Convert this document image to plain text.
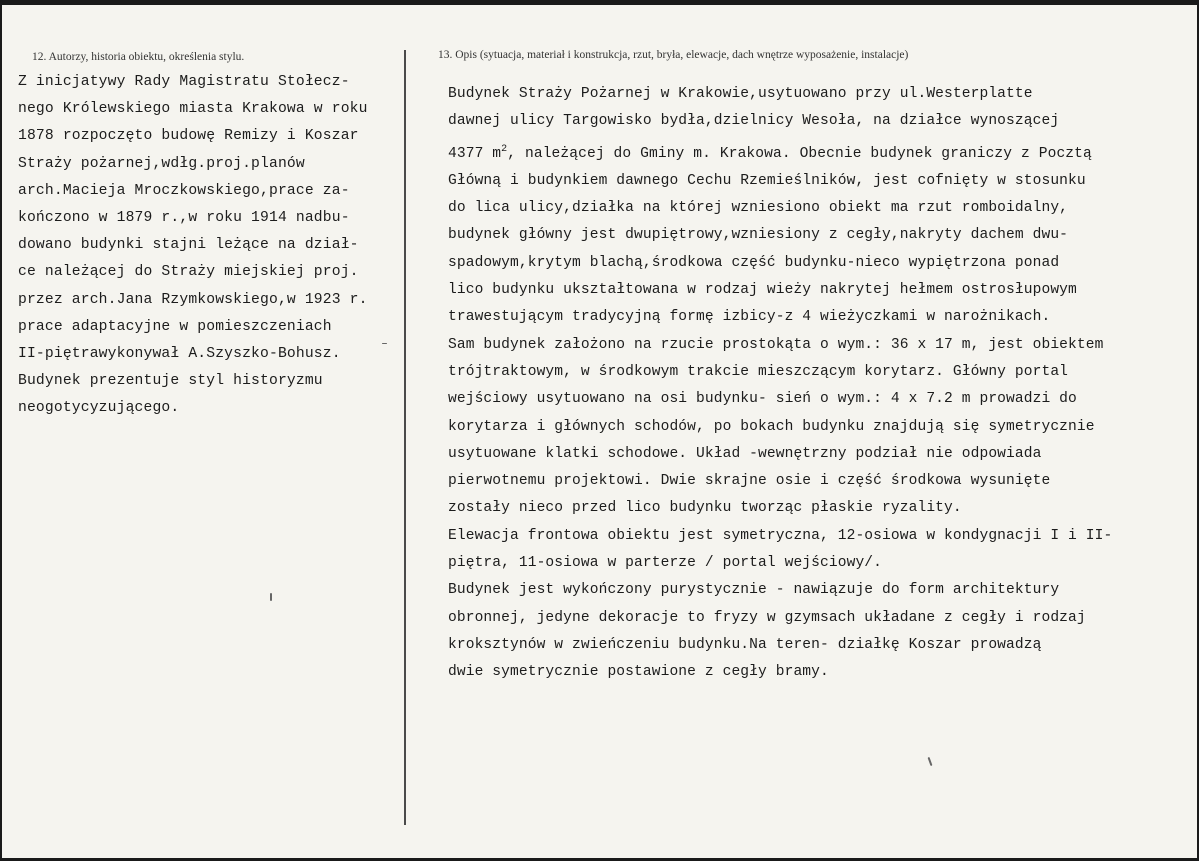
12. Autorzy, historia obiektu, określenia stylu.	13. Opis (sytuacja, materiał i konstrukcja, rzut, bryła, elewacje, dach wnętrze wyposażenie, instalacje)
Z inicjatywy Rady Magistratu Stołecz-
nego Królewskiego miasta Krakowa w roku
1878 rozpoczęto budowę Remizy i Koszar
Straży pożarnej,wdłg.proj.planów
arch.Macieja Mroczkowskiego,prace za-
kończono w 1879 r.,w roku 1914 nadbu-
dowano budynki stajni leżące na dział-
ce należącej do Straży miejskiej proj.
przez arch.Jana Rzymkowskiego,w 1923 r.
prace adaptacyjne w pomieszczeniach
II-piętrawykonywał A.Szyszko-Bohusz.
Budynek prezentuje styl historyzmu
neogotycyzującego.
Budynek Straży Pożarnej w Krakowie,usytuowano przy ul.Westerplatte
dawnej ulicy Targowisko bydła,dzielnicy Wesoła, na działce wynoszącej
4377 $m^2$, należącej do Gminy m. Krakowa. Obecnie budynek graniczy z Pocztą
Główną i budynkiem dawnego Cechu Rzemieślników, jest cofnięty w stosunku
do lica ulicy,działka na której wzniesiono obiekt ma rzut romboidalny,
budynek główny jest dwupiętrowy,wzniesiony z cegły,nakryty dachem dwu-
spadowym,krytym blachą,środkowa część budynku-nieco wypiętrzona ponad
lico budynku ukształtowana w rodzaj wieży nakrytej hełmem ostrosłupowym
trawestującym tradycyjną formę izbicy-z 4 wieżyczkami w narożnikach.
Sam budynek założono na rzucie prostokąta o wym.: 36 x 17 m, jest obiektem
trójtraktowym, w środkowym trakcie mieszczącym korytarz. Główny portal
wejściowy usytuowano na osi budynku- sień o wym.: 4 x 7.2 m prowadzi do
korytarza i głównych schodów, po bokach budynku znajdują się symetrycznie
usytuowane klatki schodowe. Układ -wewnętrzny podział nie odpowiada
pierwotnemu projektowi. Dwie skrajne osie i część środkowa wysunięte
zostały nieco przed lico budynku tworząc płaskie ryzality.
Elewacja frontowa obiektu jest symetryczna, 12-osiowa w kondygnacji I i II-
piętra, 11-osiowa w parterze / portal wejściowy/.
Budynek jest wykończony purystycznie - nawiązuje do form architektury
obronnej, jedyne dekoracje to fryzy w gzymsach układane z cegły i rodzaj
kroksztynów w zwieńczeniu budynku.Na teren- działkę Koszar prowadzą
dwie symetrycznie postawione z cegły bramy.
